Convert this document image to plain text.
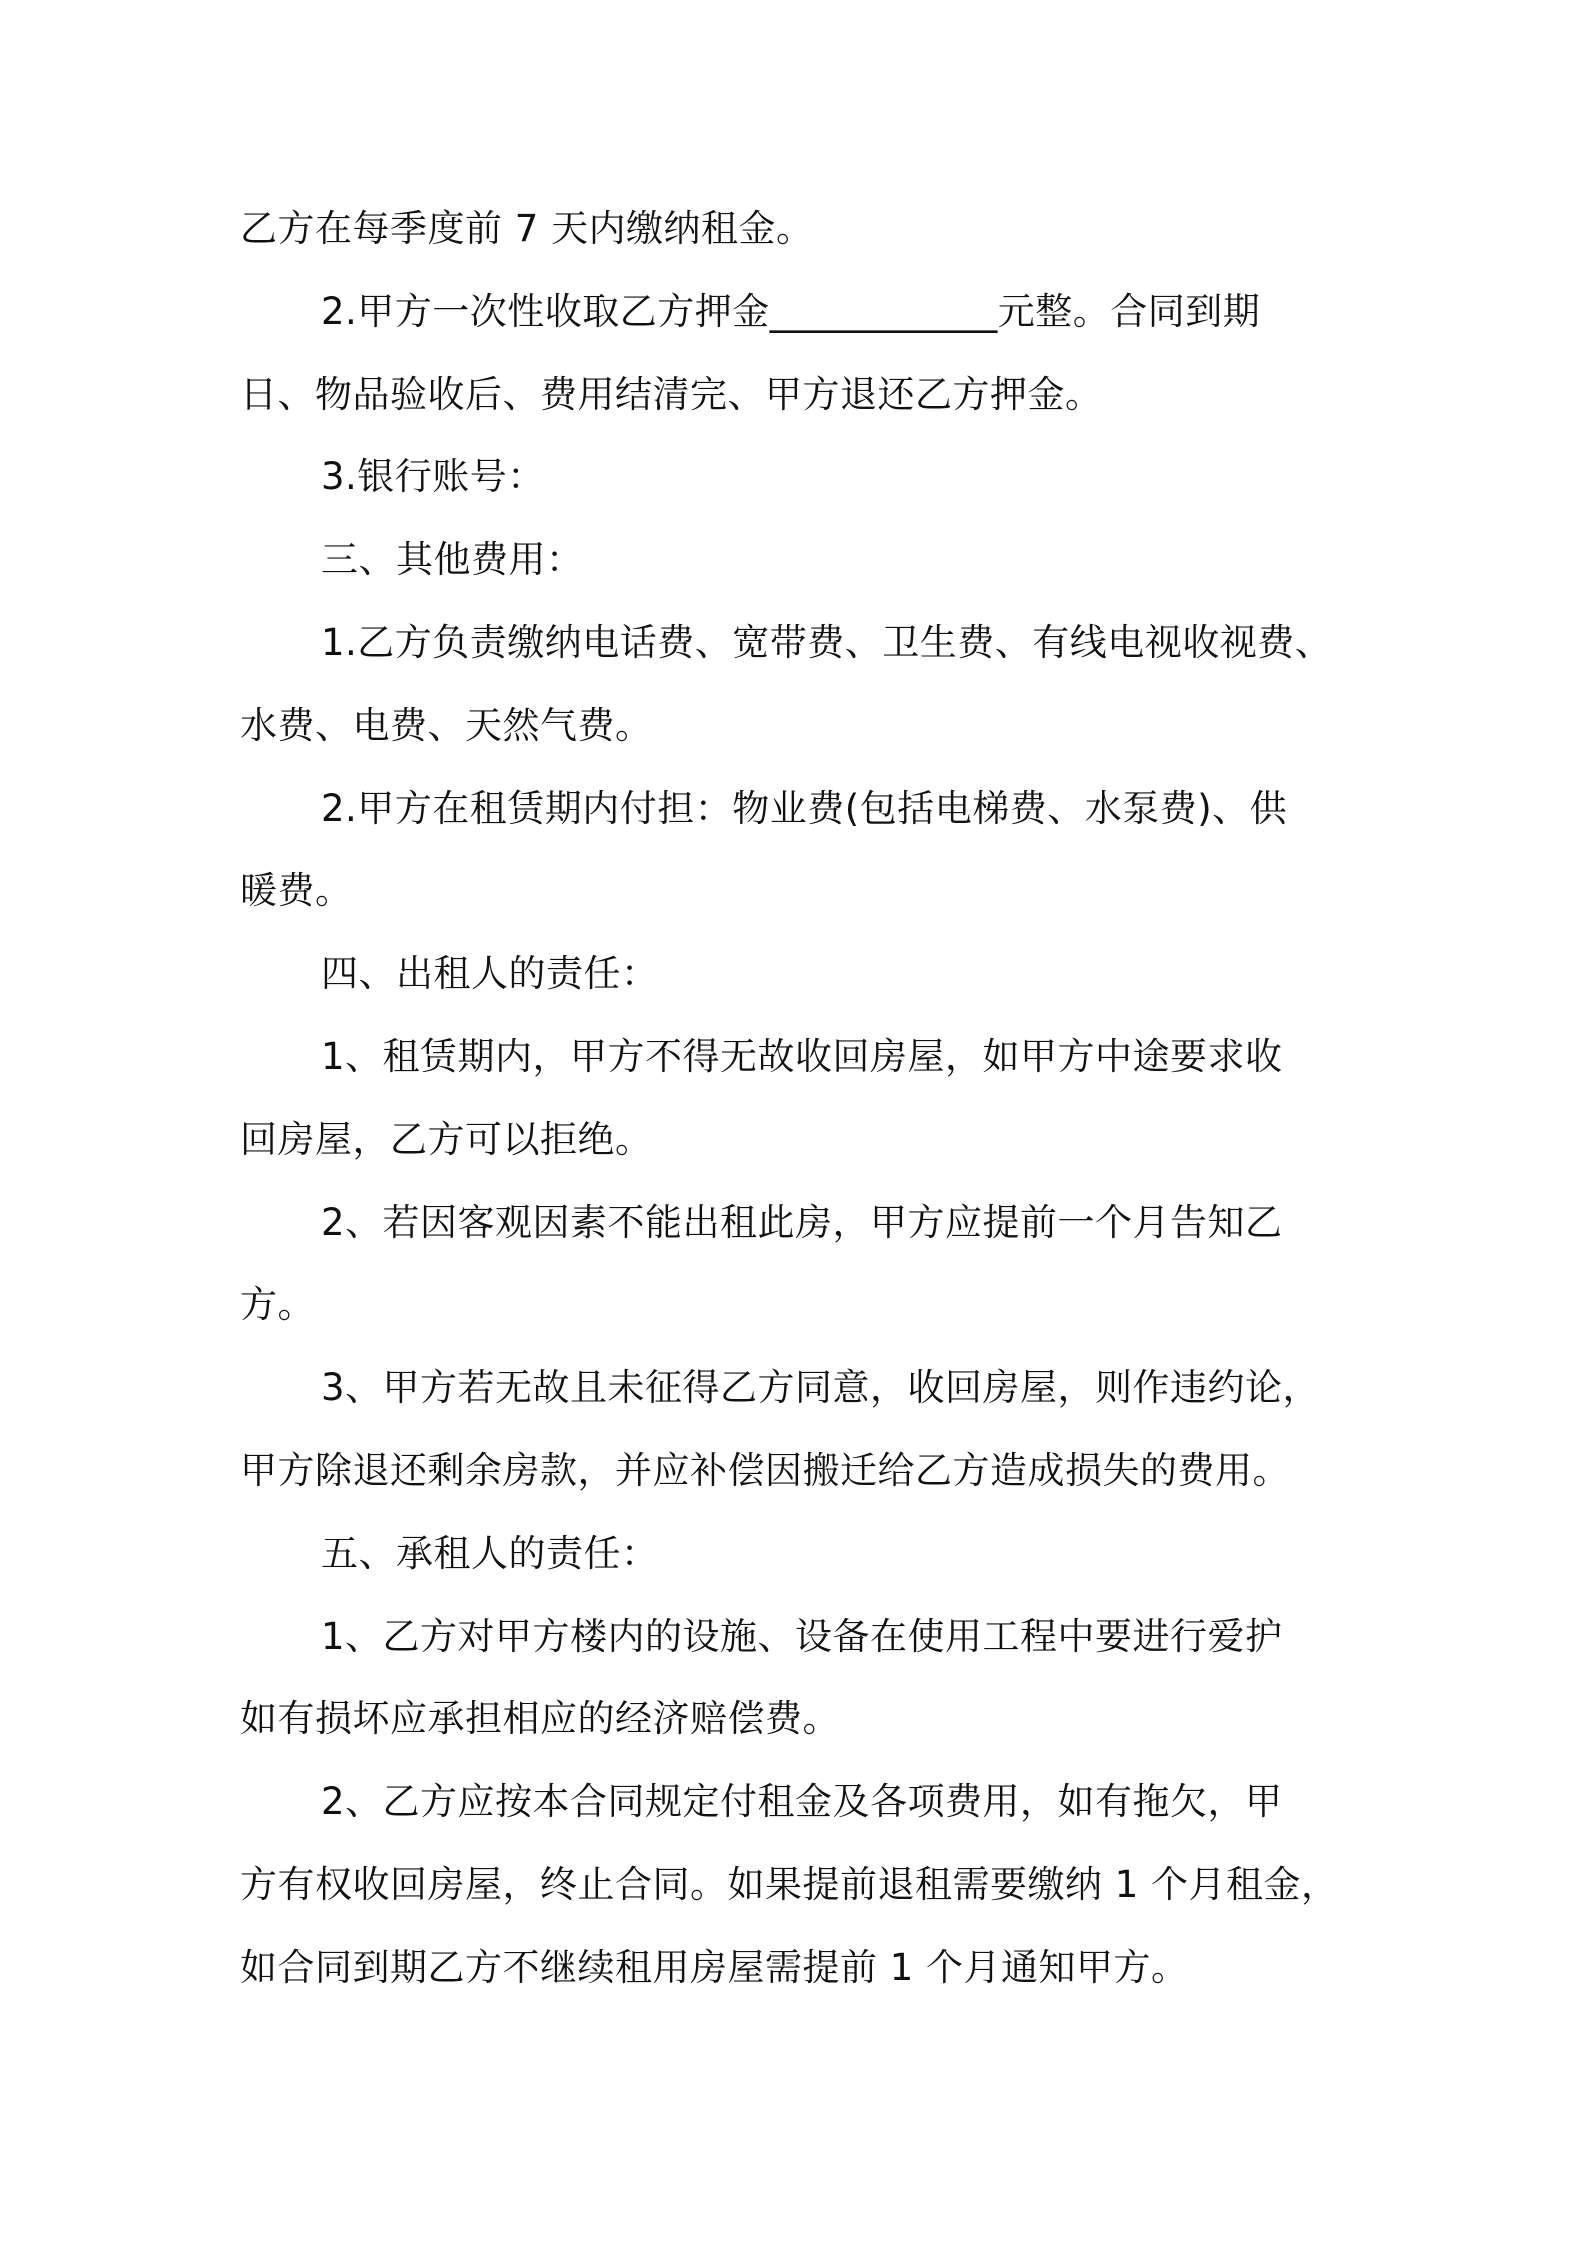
乙方在每季度前 7 天内缴纳租金。
2.甲方一次性收取乙方押金____________元整。合同到期
日、物品验收后、费用结清完、甲方退还乙方押金。
3.银行账号：
三、其他费用：
1.乙方负责缴纳电话费、宽带费、卫生费、有线电视收视费、
水费、电费、天然气费。
2.甲方在租赁期内付担：物业费(包括电梯费、水泵费)、供
暖费。
四、出租人的责任：
1、租赁期内，甲方不得无故收回房屋，如甲方中途要求收
回房屋，乙方可以拒绝。
2、若因客观因素不能出租此房，甲方应提前一个月告知乙
方。
3、甲方若无故且未征得乙方同意，收回房屋，则作违约论，
甲方除退还剩余房款，并应补偿因搬迁给乙方造成损失的费用。
五、承租人的责任：
1、乙方对甲方楼内的设施、设备在使用工程中要进行爱护
如有损坏应承担相应的经济赔偿费。
2、乙方应按本合同规定付租金及各项费用，如有拖欠，甲
方有权收回房屋，终止合同。如果提前退租需要缴纳 1 个月租金，
如合同到期乙方不继续租用房屋需提前 1 个月通知甲方。
